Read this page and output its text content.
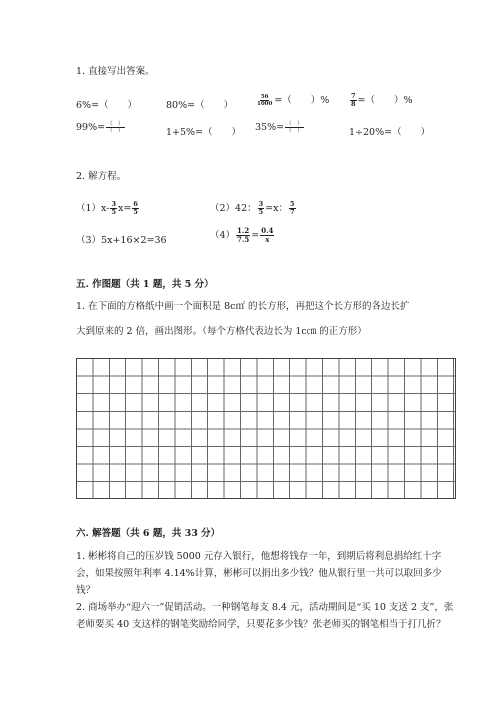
1. 直接写出答案。
6%=（　　）	80%=（　　）	$\frac{56}{1000}$ =（　　）%	$\frac{7}{8}$ =（　　）%
$99\%= \frac{( )}{( )}$	1+5%=（　　） $35\%= \frac{( )}{( )}$	1÷20%=（　　）
2. 解方程。
$(1)x- \frac{3}{5} x= \frac{6}{5}$	（2）42： $\frac{3}{5} =x$： $\frac{5}{7}$
（3）5x+16×2=36	$(4) \frac{1.2}{7.5} = \frac{0.4}{x}$
五. 作图题（共 1 题，共 5 分）
1. 在下面的方格纸中画一个面积是 8c㎡ 的长方形，再把这个长方形的各边长扩
大到原来的 2 倍，画出图形。（每个方格代表边长为 1c㎝ 的正方形）
六. 解答题（共 6 题，共 33 分）
1. 彬彬将自己的压岁钱 5000 元存入银行，他想将钱存一年，到期后将利息捐给红十字会，如果按照年利率 4.14%计算，彬彬可以捐出多少钱？他从银行里一共可以取回多少钱？
2. 商场举办“迎六一”促销活动。一种钢笔每支 8.4 元，活动期间是“买 10 支送 2 支”，张老师要买 40 支这样的钢笔奖励给同学，只要花多少钱？张老师买的钢笔相当于打几折？
